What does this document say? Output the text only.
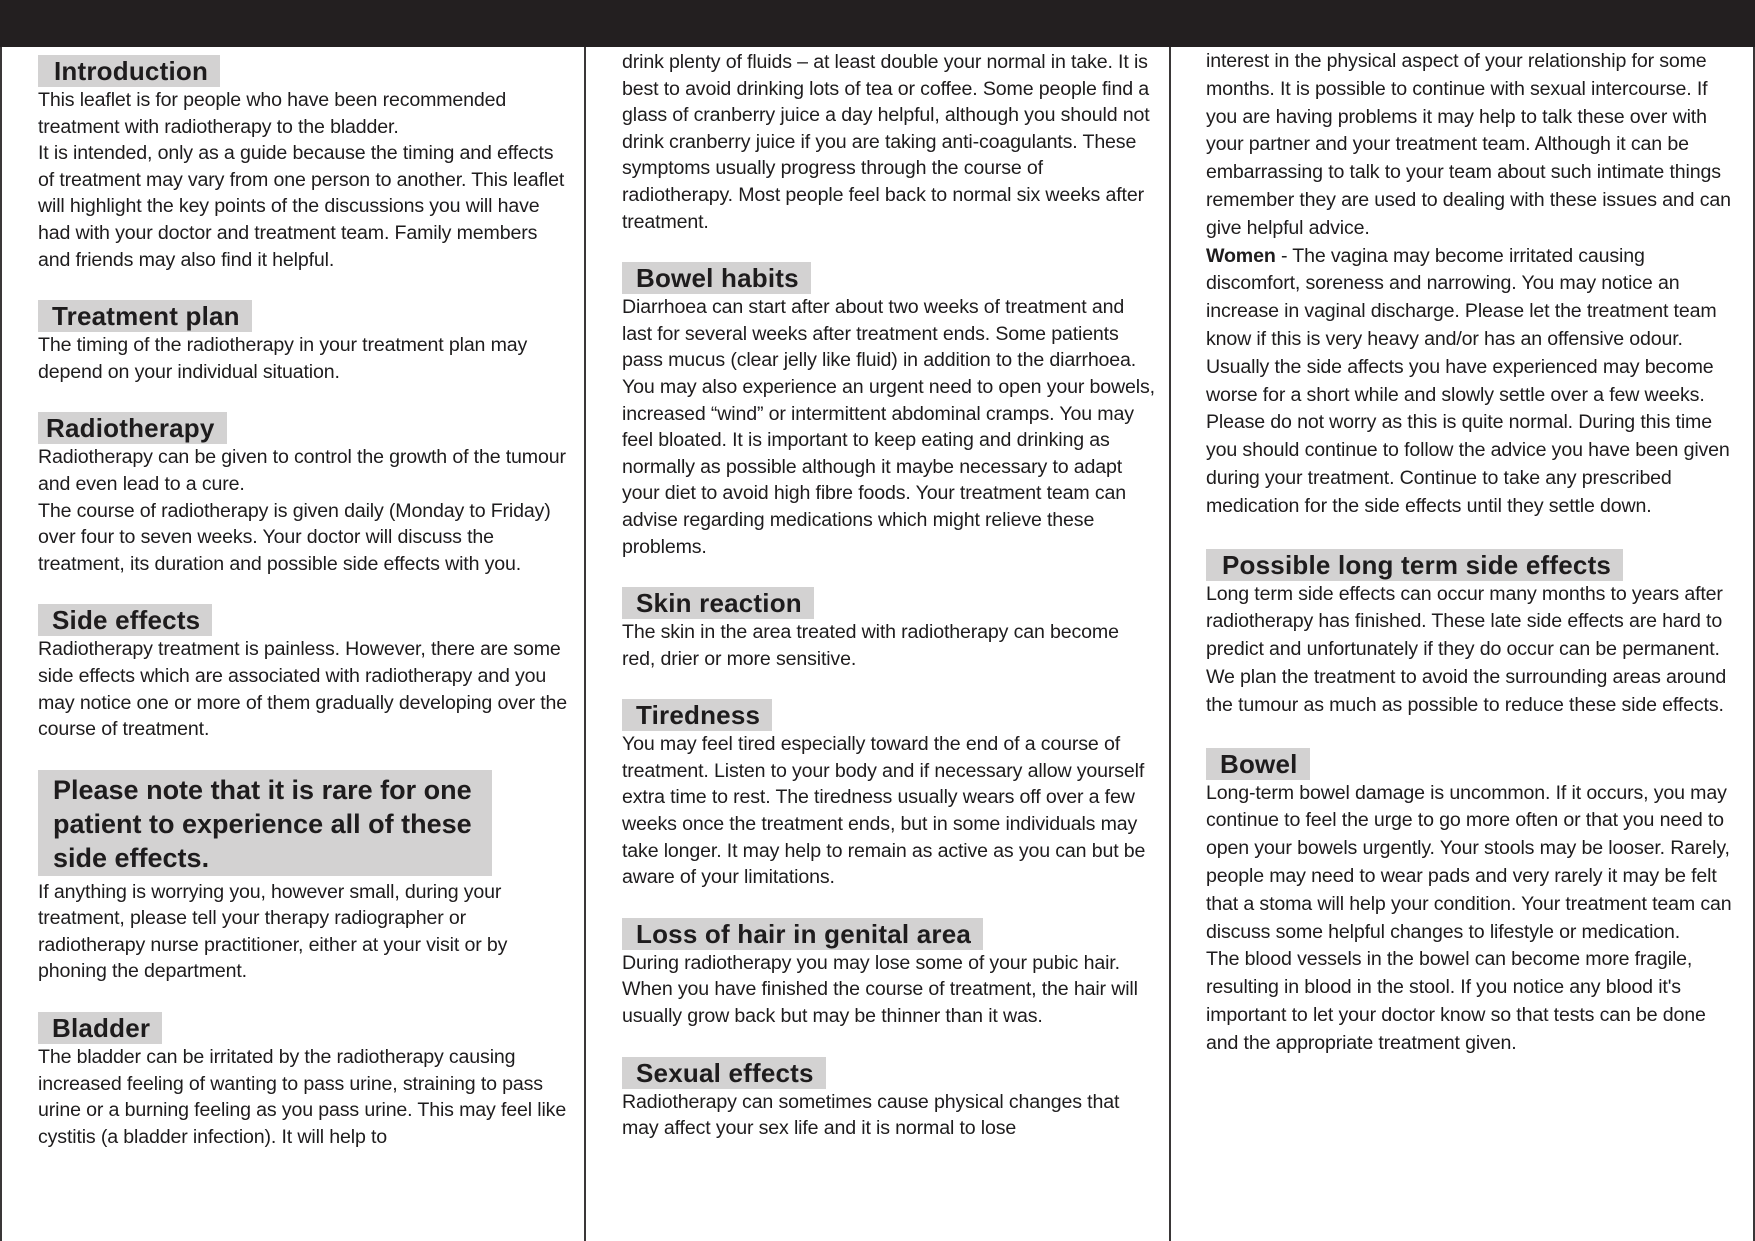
Introduction

This leaflet is for people who have been recommended treatment with radiotherapy to the bladder.

It is intended, only as a guide because the timing and effects of treatment may vary from one person to another. This leaflet will highlight the key points of the discussions you will have had with your doctor and treatment team. Family members and friends may also find it helpful.

Treatment plan

The timing of the radiotherapy in your treatment plan may depend on your individual situation.

Radiotherapy

Radiotherapy can be given to control the growth of the tumour and even lead to a cure.

The course of radiotherapy is given daily (Monday to Friday) over four to seven weeks. Your doctor will discuss the treatment, its duration and possible side effects with you.

Side effects

Radiotherapy treatment is painless. However, there are some side effects which are associated with radiotherapy and you may notice one or more of them gradually developing over the course of treatment.

Please note that it is rare for one patient to experience all of these side effects.

If anything is worrying you, however small, during your treatment, please tell your therapy radiographer or radiotherapy nurse practitioner, either at your visit or by phoning the department.

Bladder

The bladder can be irritated by the radiotherapy causing increased feeling of wanting to pass urine, straining to pass urine or a burning feeling as you pass urine. This may feel like cystitis (a bladder infection). It will help to

drink plenty of fluids – at least double your normal in take. It is best to avoid drinking lots of tea or coffee. Some people find a glass of cranberry juice a day helpful, although you should not drink cranberry juice if you are taking anti-coagulants. These symptoms usually progress through the course of radiotherapy. Most people feel back to normal six weeks after treatment.

Bowel habits

Diarrhoea can start after about two weeks of treatment and last for several weeks after treatment ends. Some patients pass mucus (clear jelly like fluid) in addition to the diarrhoea. You may also experience an urgent need to open your bowels, increased “wind” or intermittent abdominal cramps. You may feel bloated. It is important to keep eating and drinking as normally as possible although it maybe necessary to adapt your diet to avoid high fibre foods. Your treatment team can advise regarding medications which might relieve these problems.

Skin reaction

The skin in the area treated with radiotherapy can become red, drier or more sensitive.

Tiredness

You may feel tired especially toward the end of a course of treatment. Listen to your body and if necessary allow yourself extra time to rest. The tiredness usually wears off over a few weeks once the treatment ends, but in some individuals may take longer. It may help to remain as active as you can but be aware of your limitations.

Loss of hair in genital area

During radiotherapy you may lose some of your pubic hair. When you have finished the course of treatment, the hair will usually grow back but may be thinner than it was.

Sexual effects

Radiotherapy can sometimes cause physical changes that may affect your sex life and it is normal to lose

interest in the physical aspect of your relationship for some months. It is possible to continue with sexual intercourse. If you are having problems it may help to talk these over with your partner and your treatment team. Although it can be embarrassing to talk to your team about such intimate things remember they are used to dealing with these issues and can give helpful advice.

Women - The vagina may become irritated causing discomfort, soreness and narrowing. You may notice an increase in vaginal discharge. Please let the treatment team know if this is very heavy and/or has an offensive odour.

Usually the side affects you have experienced may become worse for a short while and slowly settle over a few weeks. Please do not worry as this is quite normal. During this time you should continue to follow the advice you have been given during your treatment. Continue to take any prescribed medication for the side effects until they settle down.

Possible long term side effects

Long term side effects can occur many months to years after radiotherapy has finished. These late side effects are hard to predict and unfortunately if they do occur can be permanent. We plan the treatment to avoid the surrounding areas around the tumour as much as possible to reduce these side effects.

Bowel

Long-term bowel damage is uncommon. If it occurs, you may continue to feel the urge to go more often or that you need to open your bowels urgently. Your stools may be looser. Rarely, people may need to wear pads and very rarely it may be felt that a stoma will help your condition. Your treatment team can discuss some helpful changes to lifestyle or medication.

The blood vessels in the bowel can become more fragile, resulting in blood in the stool. If you notice any blood it's important to let your doctor know so that tests can be done and the appropriate treatment given.
